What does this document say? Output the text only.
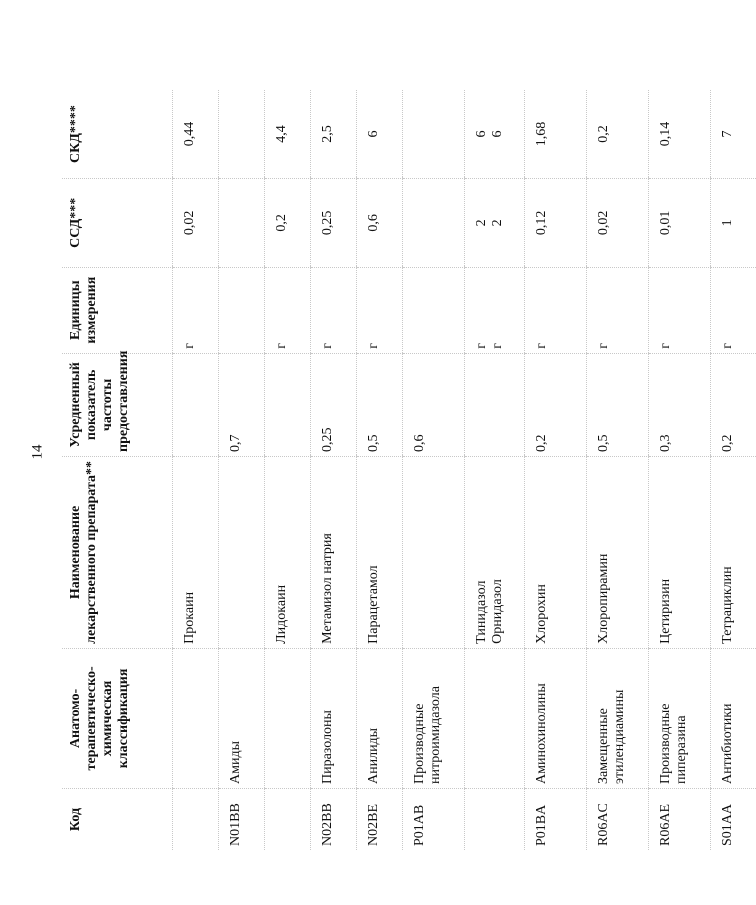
14
Код	Анатомо-терапевтическо-химическая классификация	Наименование лекарственного препарата**	Усредненный показатель частоты предоставления	Единицы измерения	ССД***	СКД****
		Прокаин		г	0,02	0,44
N01BB	Амиды		0,7			
		Лидокаин		г	0,2	4,4
N02BB	Пиразолоны	Метамизол натрия	0,25	г	0,25	2,5
N02BE	Анилиды	Парацетамол	0,5	г	0,6	6
P01AB	Производные нитроимидазола		0,6			

		Тинидазол Орнидазол		г г	2 2	6 6

P01BA	Аминохинолины	Хлорохин	0,2	г	0,12	1,68
R06AC	Замещенные этилендиамины	Хлоропирамин	0,5	г	0,02	0,2
R06AE	Производные пиперазина	Цетиризин	0,3	г	0,01	0,14
S01AA	Антибиотики	Тетрациклин	0,2	г	1	7
